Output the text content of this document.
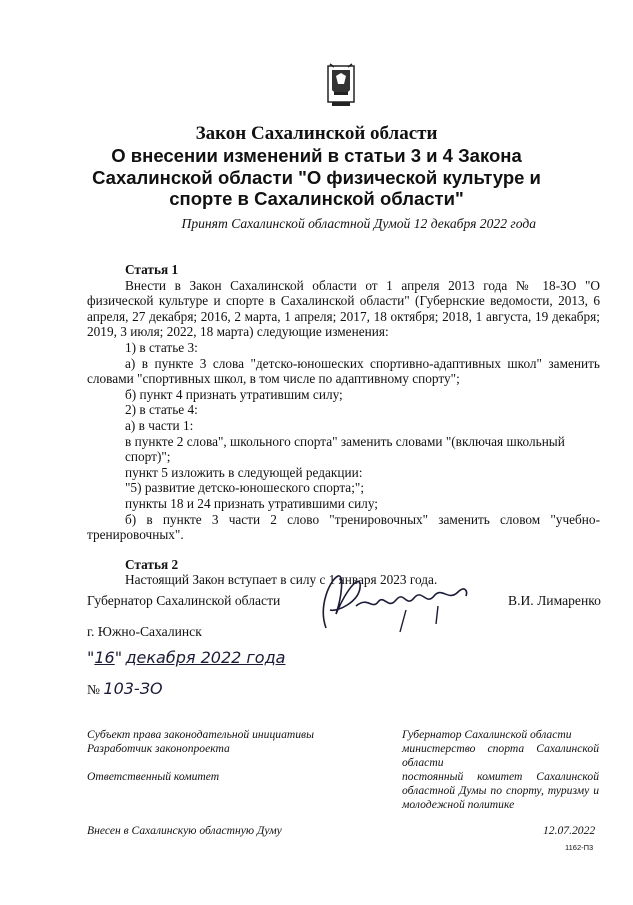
Закон Сахалинской области
О внесении изменений в статьи 3 и 4 Закона
Сахалинской области "О физической культуре и
спорте в Сахалинской области"
Принят Сахалинской областной Думой 12 декабря 2022 года
Статья 1

Внести в Закон Сахалинской области от 1 апреля 2013 года № 18-ЗО "О физической культуре и спорте в Сахалинской области" (Губернские ведомости, 2013, 6 апреля, 27 декабря; 2016, 2 марта, 1 апреля; 2017, 18 октября; 2018, 1 августа, 19 декабря; 2019, 3 июля; 2022, 18 марта) следующие изменения:

1) в статье 3:

а) в пункте 3 слова "детско-юношеских спортивно-адаптивных школ" заменить словами "спортивных школ, в том числе по адаптивному спорту";

б) пункт 4 признать утратившим силу;

2) в статье 4:

а) в части 1:

в пункте 2 слова", школьного спорта" заменить словами "(включая школьный спорт)";

пункт 5 изложить в следующей редакции:

"5) развитие детско-юношеского спорта;";

пункты 18 и 24 признать утратившими силу;

б) в пункте 3 части 2 слово "тренировочных" заменить словом "учебно-тренировочных".

Статья 2

Настоящий Закон вступает в силу с 1 января 2023 года.

Губернатор Сахалинской области	В.И. Лимаренко
г. Южно-Сахалинск
"16" декабря 2022 года
№ 103-ЗО
Субъект права законодательной инициативы
Разработчик законопроекта
Ответственный комитет
Губернатор Сахалинской области
министерство спорта Сахалинской области
постоянный комитет Сахалинской областной Думы по спорту, туризму и молодежной политике
Внесен в Сахалинскую областную Думу	12.07.2022
1162-П3
